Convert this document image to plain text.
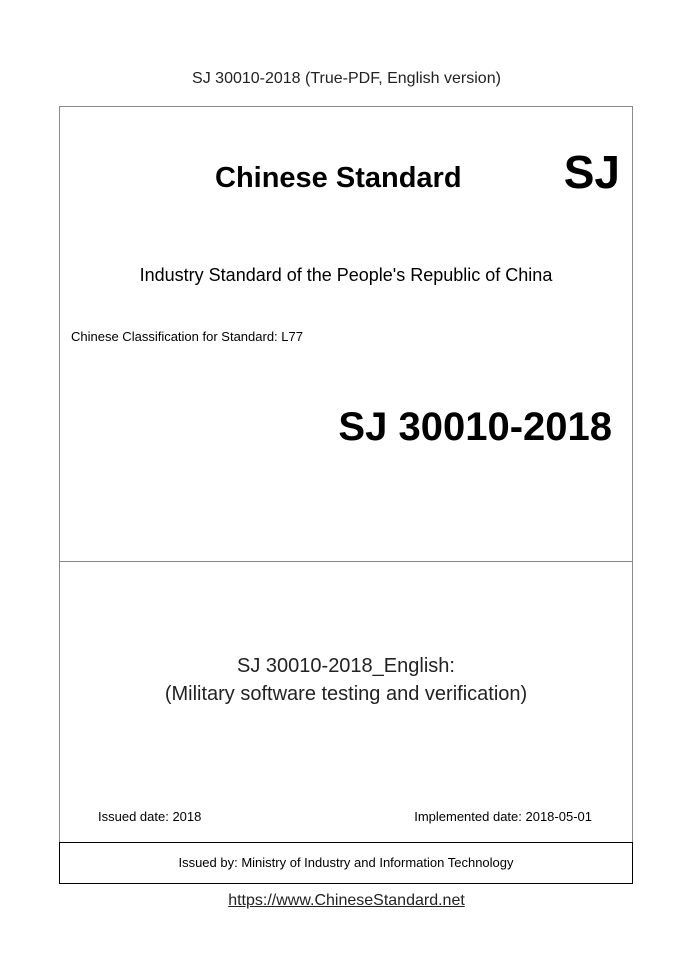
SJ 30010-2018 (True-PDF, English version)
Chinese Standard SJ
Industry Standard of the People's Republic of China
Chinese Classification for Standard: L77
SJ 30010-2018
SJ 30010-2018_English:
(Military software testing and verification)
Issued date: 2018	Implemented date: 2018-05-01
Issued by: Ministry of Industry and Information Technology
https://www.ChineseStandard.net
